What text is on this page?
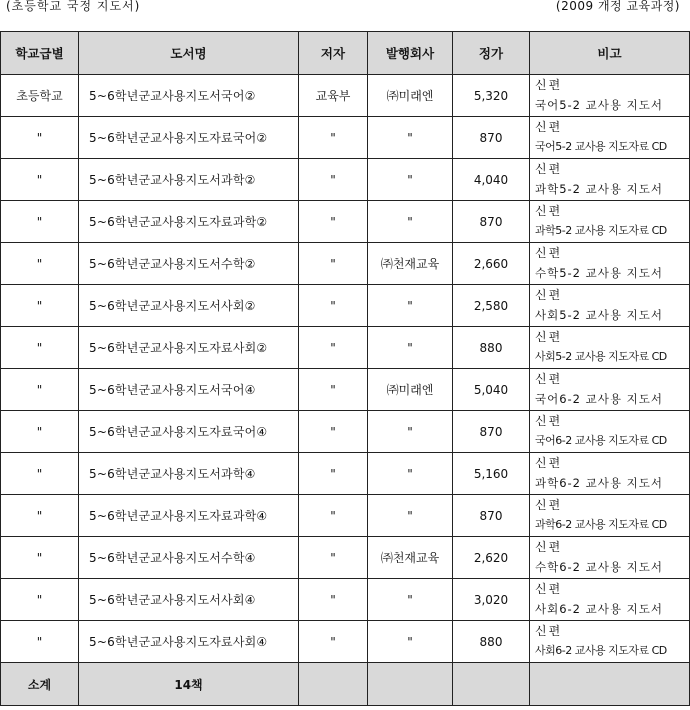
(초등학교 국정 지도서)	(2009 개정 교육과정)
학교급별	도서명	저자	발행회사	정가	비고
초등학교	5~6학년군교사용지도서국어②	교육부	㈜미래엔	5,320	신편
국어5-2 교사용 지도서

"	5~6학년군교사용지도자료국어②	"	"	870	신편
국어5-2 교사용 지도자료 CD

"	5~6학년군교사용지도서과학②	"	"	4,040	신편
과학5-2 교사용 지도서

"	5~6학년군교사용지도자료과학②	"	"	870	신편
과학5-2 교사용 지도자료 CD

"	5~6학년군교사용지도서수학②	"	㈜천재교육	2,660	신편
수학5-2 교사용 지도서

"	5~6학년군교사용지도서사회②	"	"	2,580	신편
사회5-2 교사용 지도서

"	5~6학년군교사용지도자료사회②	"	"	880	신편
사회5-2 교사용 지도자료 CD

"	5~6학년군교사용지도서국어④	"	㈜미래엔	5,040	신편
국어6-2 교사용 지도서

"	5~6학년군교사용지도자료국어④	"	"	870	신편
국어6-2 교사용 지도자료 CD

"	5~6학년군교사용지도서과학④	"	"	5,160	신편
과학6-2 교사용 지도서

"	5~6학년군교사용지도자료과학④	"	"	870	신편
과학6-2 교사용 지도자료 CD

"	5~6학년군교사용지도서수학④	"	㈜천재교육	2,620	신편
수학6-2 교사용 지도서

"	5~6학년군교사용지도서사회④	"	"	3,020	신편
사회6-2 교사용 지도서

"	5~6학년군교사용지도자료사회④	"	"	880	신편
사회6-2 교사용 지도자료 CD

소계	14책				
